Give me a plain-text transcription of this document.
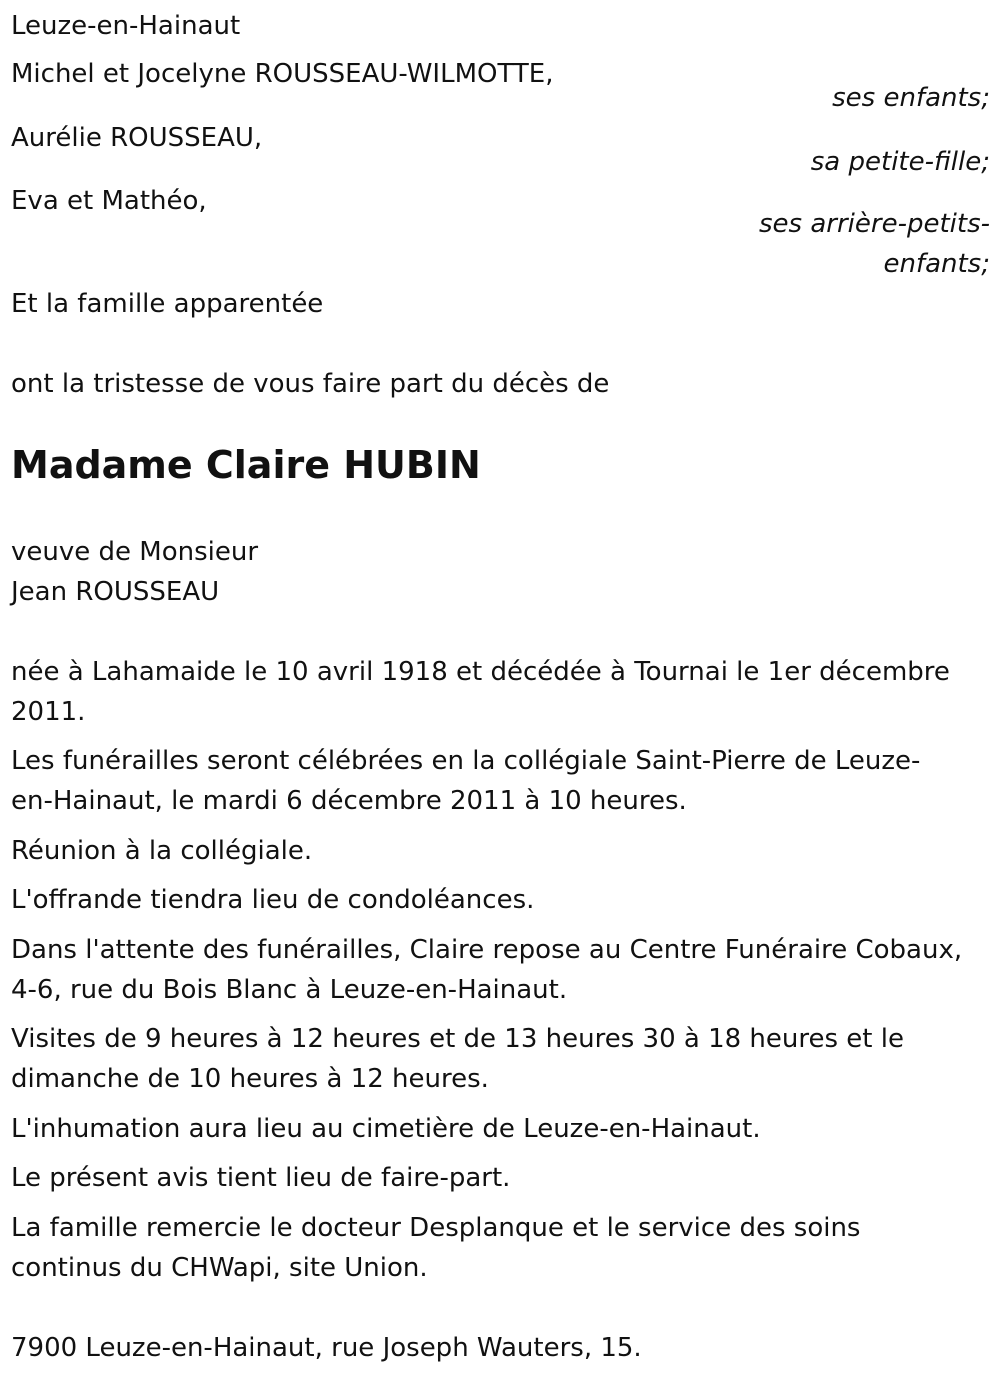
Leuze-en-Hainaut
Michel et Jocelyne ROUSSEAU-WILMOTTE,
ses enfants;
Aurélie ROUSSEAU,
sa petite-fille;
Eva et Mathéo,
ses arrière-petits-
enfants;
Et la famille apparentée
ont la tristesse de vous faire part du décès de
Madame Claire HUBIN
veuve de Monsieur
Jean ROUSSEAU
née à Lahamaide le 10 avril 1918 et décédée à Tournai le 1er décembre
2011.
Les funérailles seront célébrées en la collégiale Saint-Pierre de Leuze-
en-Hainaut, le mardi 6 décembre 2011 à 10 heures.
Réunion à la collégiale.
L'offrande tiendra lieu de condoléances.
Dans l'attente des funérailles, Claire repose au Centre Funéraire Cobaux,
4-6, rue du Bois Blanc à Leuze-en-Hainaut.
Visites de 9 heures à 12 heures et de 13 heures 30 à 18 heures et le
dimanche de 10 heures à 12 heures.
L'inhumation aura lieu au cimetière de Leuze-en-Hainaut.
Le présent avis tient lieu de faire-part.
La famille remercie le docteur Desplanque et le service des soins
continus du CHWapi, site Union.
7900 Leuze-en-Hainaut, rue Joseph Wauters, 15.
